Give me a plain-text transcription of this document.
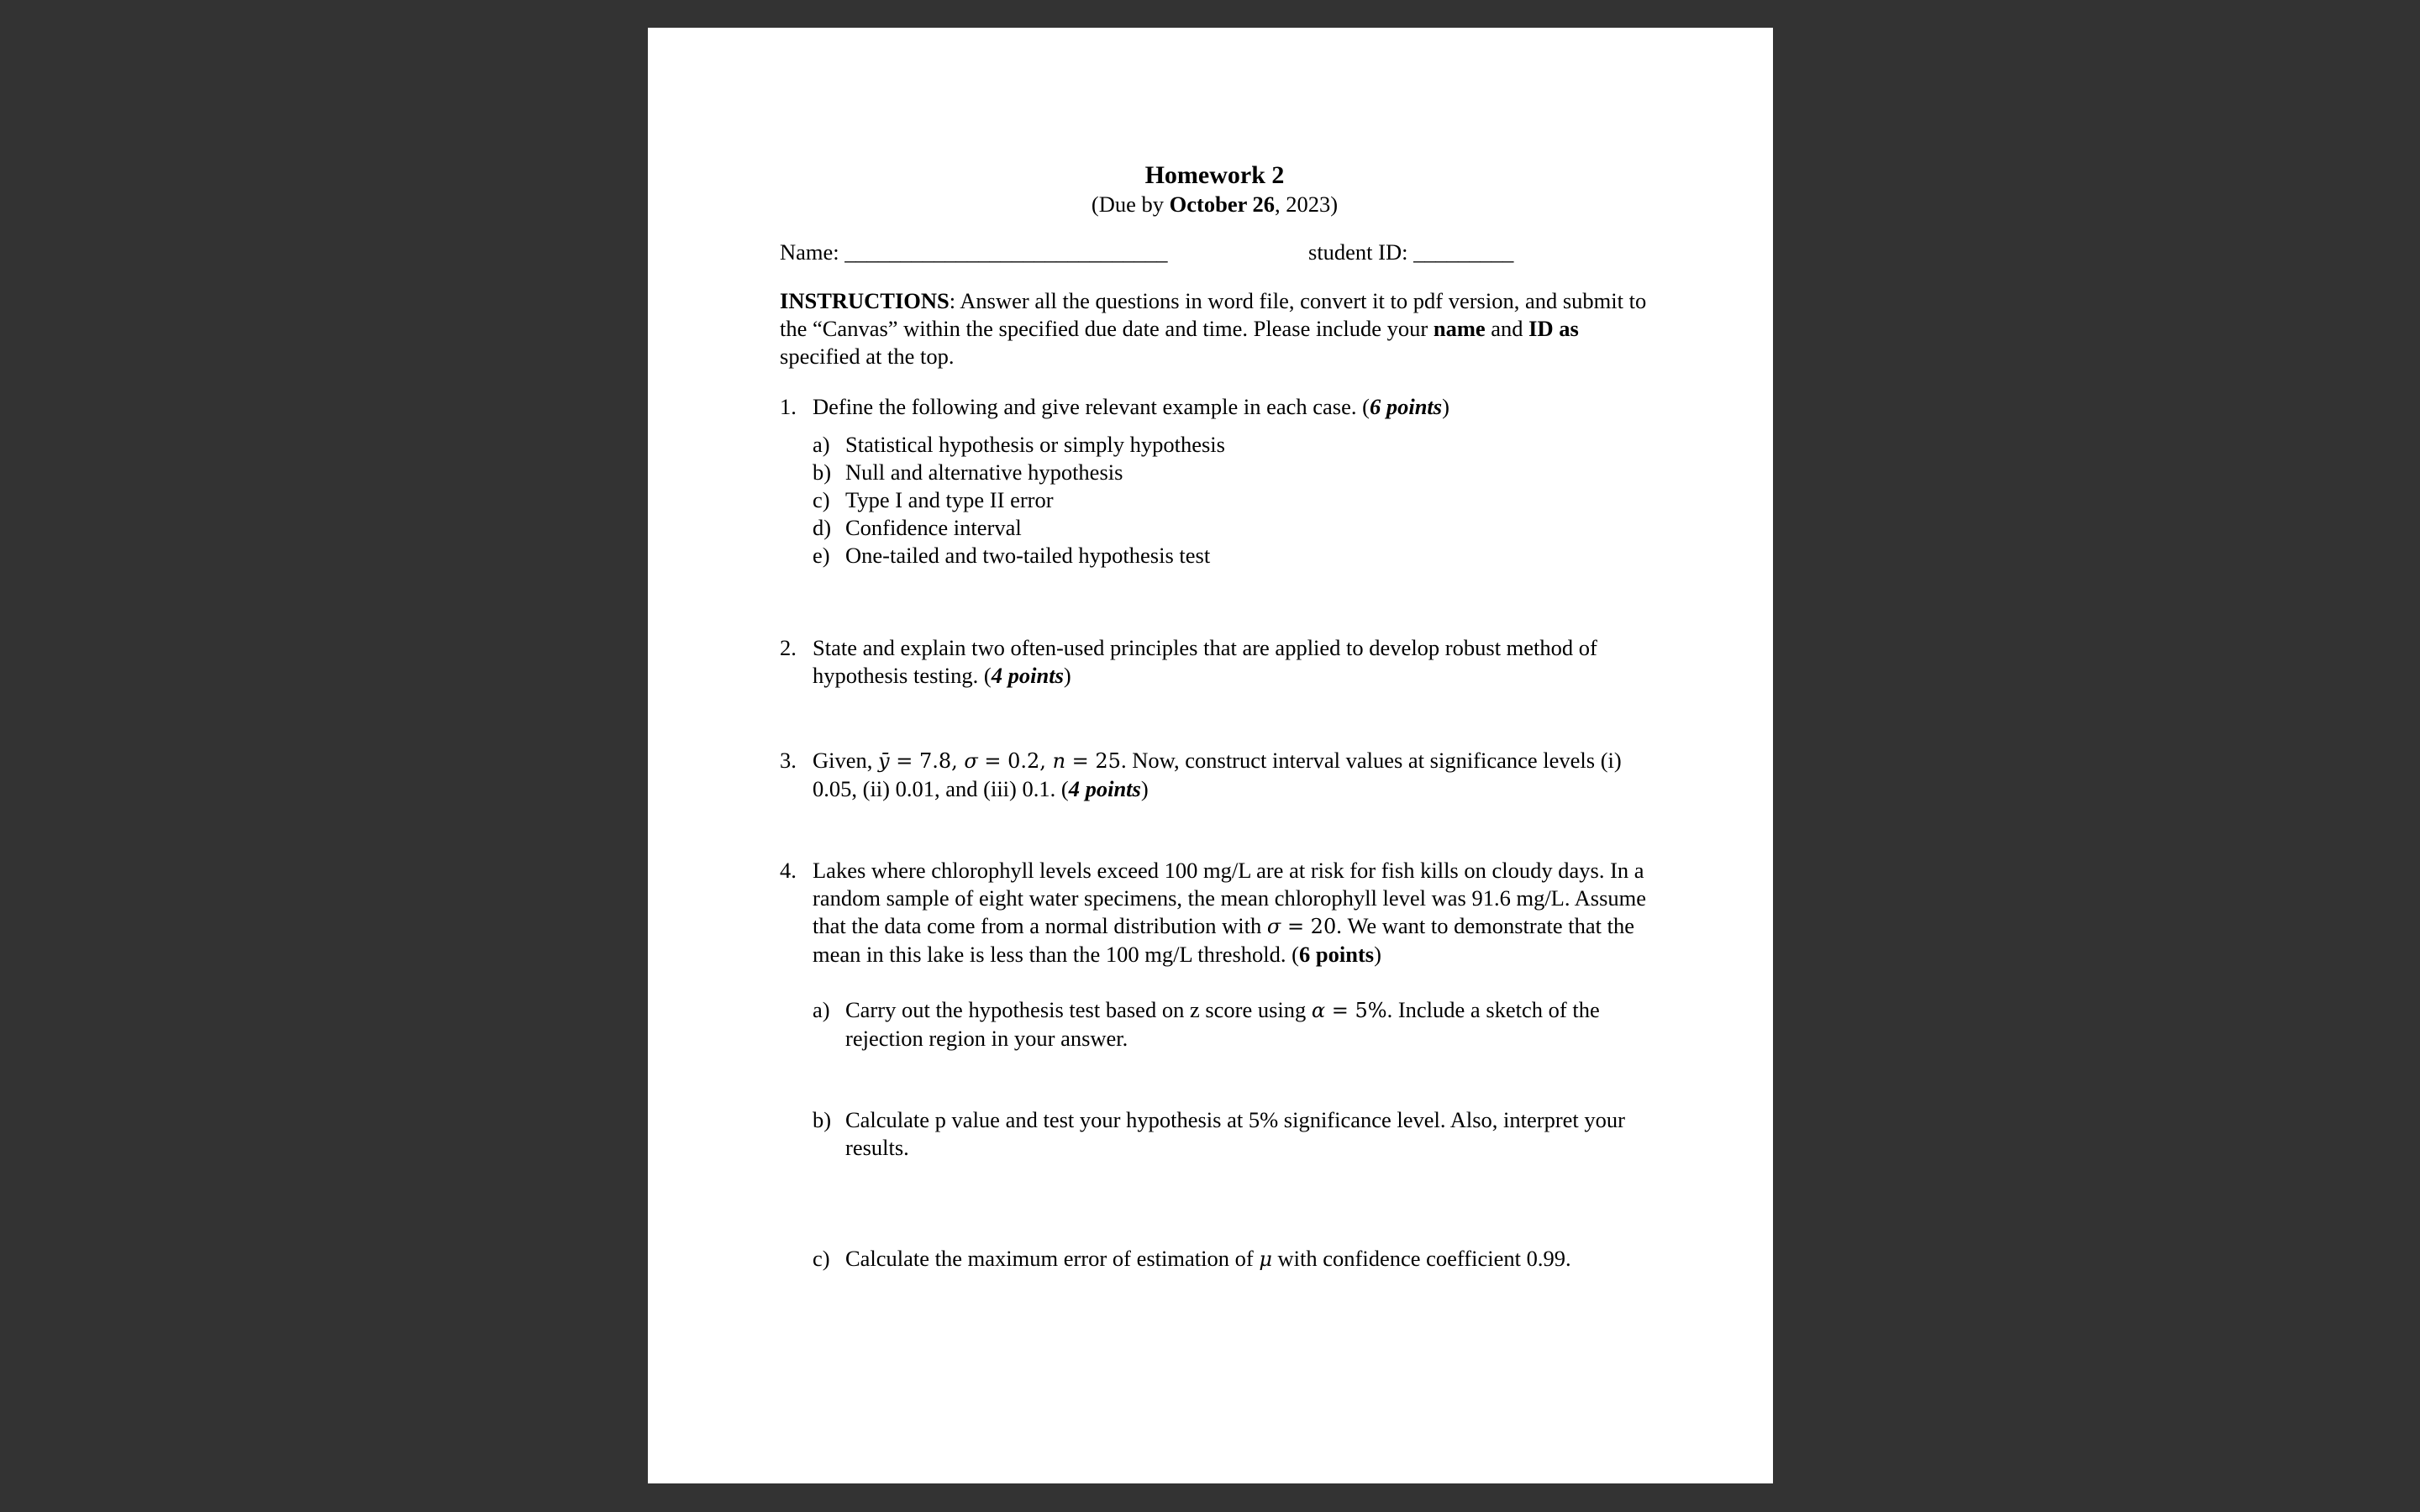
Homework 2
(Due by October 26, 2023)
Name: _____________________________	student ID: _________
INSTRUCTIONS: Answer all the questions in word file, convert it to pdf version, and submit to the “Canvas” within the specified due date and time. Please include your name and ID as specified at the top.
1. Define the following and give relevant example in each case. (6 points)
a) Statistical hypothesis or simply hypothesis
b) Null and alternative hypothesis
c) Type I and type II error
d) Confidence interval
e) One-tailed and two-tailed hypothesis test
2. State and explain two often-used principles that are applied to develop robust method of hypothesis testing. (4 points)
3. Given, ȳ = 7.8, σ = 0.2, n = 25. Now, construct interval values at significance levels (i) 0.05, (ii) 0.01, and (iii) 0.1. (4 points)
4. Lakes where chlorophyll levels exceed 100 mg/L are at risk for fish kills on cloudy days. In a random sample of eight water specimens, the mean chlorophyll level was 91.6 mg/L. Assume that the data come from a normal distribution with σ = 20. We want to demonstrate that the mean in this lake is less than the 100 mg/L threshold. (6 points)
a) Carry out the hypothesis test based on z score using α = 5%. Include a sketch of the rejection region in your answer.
b) Calculate p value and test your hypothesis at 5% significance level. Also, interpret your results.
c) Calculate the maximum error of estimation of μ with confidence coefficient 0.99.
